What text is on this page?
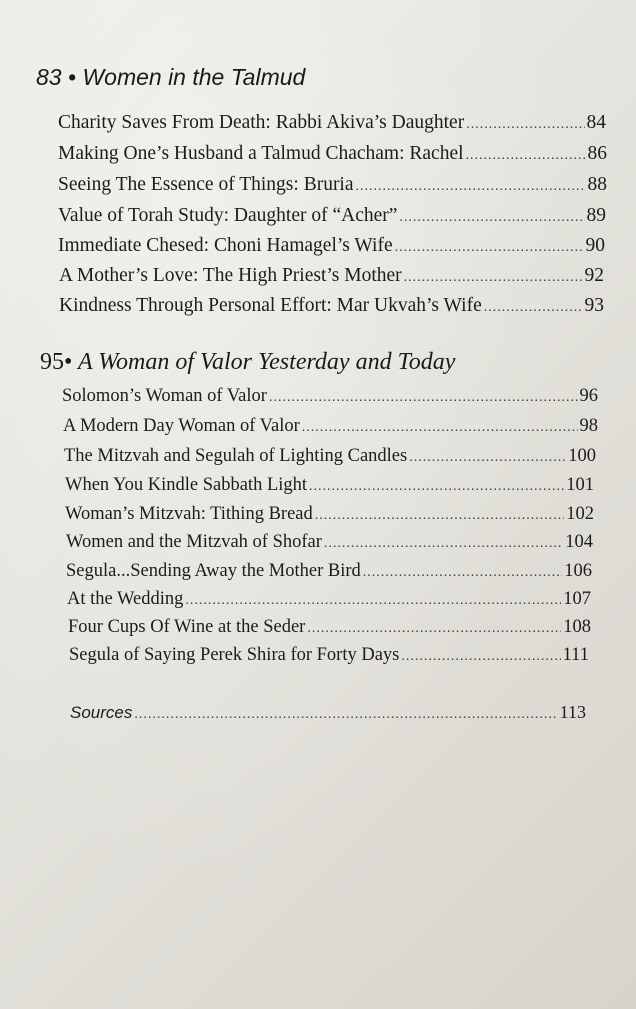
83 • Women in the Talmud
Charity Saves From Death: Rabbi Akiva’s Daughter .....	84
Making One’s Husband a Talmud Chacham: Rachel .....	86
Seeing The Essence of Things: Bruria .....	88
Value of Torah Study: Daughter of “Acher” .....	89
Immediate Chesed: Choni Hamagel’s Wife .....	90
A Mother’s Love: The High Priest’s Mother .....	92
Kindness Through Personal Effort: Mar Ukvah’s Wife .....	93
95• A Woman of Valor Yesterday and Today
Solomon’s Woman of Valor .....	96
A Modern Day Woman of Valor .....	98
The Mitzvah and Segulah of Lighting Candles .....	100
When You Kindle Sabbath Light .....	101
Woman’s Mitzvah: Tithing Bread .....	102
Women and the Mitzvah of Shofar .....	104
Segula...Sending Away the Mother Bird .....	106
At the Wedding .....	107
Four Cups Of Wine at the Seder .....	108
Segula of Saying Perek Shira for Forty Days .....	111
Sources .....	113
